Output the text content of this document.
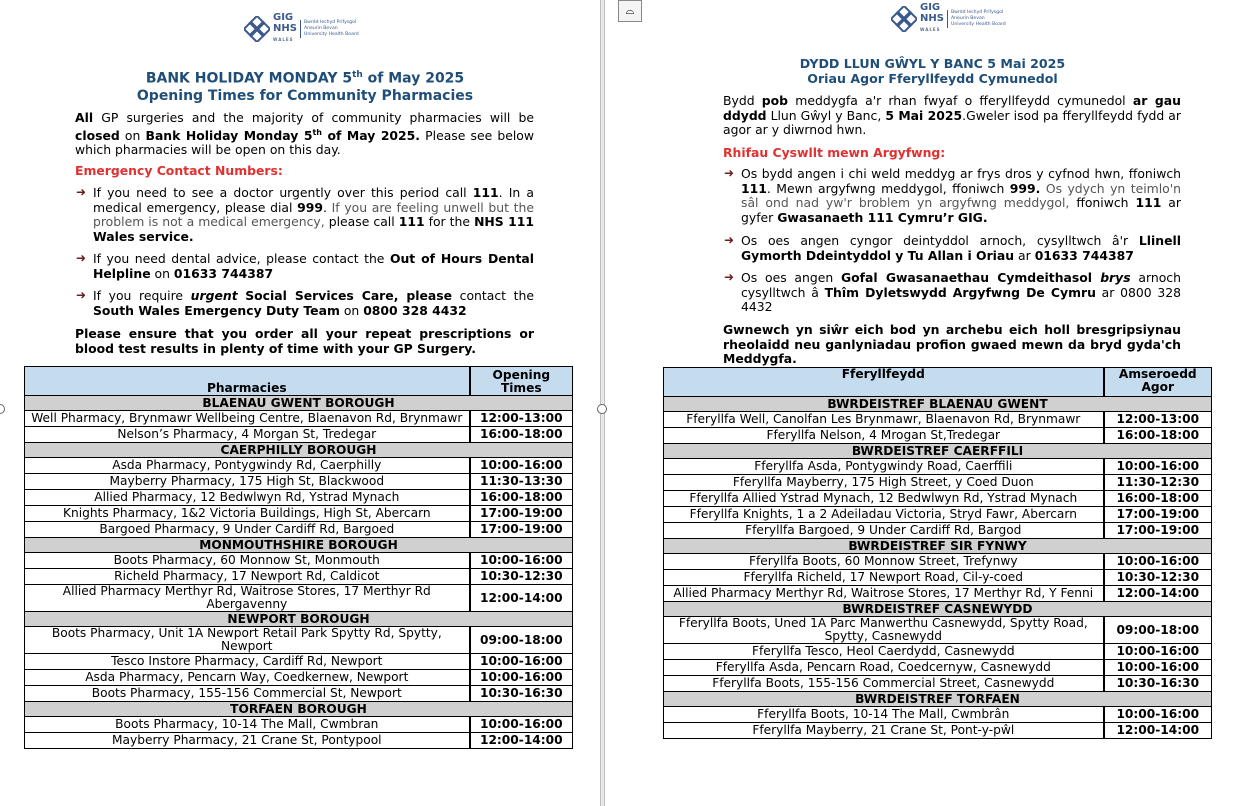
GIG
NHS
WALES
Bwrdd Iechyd Prifysgol
Aneurin Bevan
University Health Board
BANK HOLIDAY MONDAY 5th of May 2025
Opening Times for Community Pharmacies
All GP surgeries and the majority of community pharmacies will be closed on Bank Holiday Monday 5th of May 2025. Please see below which pharmacies will be open on this day.
Emergency Contact Numbers:
➜ If you need to see a doctor urgently over this period call 111. In a medical emergency, please dial 999. If you are feeling unwell but the problem is not a medical emergency, please call 111 for the NHS 111 Wales service.
➜ If you need dental advice, please contact the Out of Hours Dental Helpline on 01633 744387
➜ If you require urgent Social Services Care, please contact the South Wales Emergency Duty Team on 0800 328 4432
Please ensure that you order all your repeat prescriptions or blood test results in plenty of time with your GP Surgery.
Pharmacies	Opening Times
BLAENAU GWENT BOROUGH	
Well Pharmacy, Brynmawr Wellbeing Centre, Blaenavon Rd, Brynmawr	12:00-13:00
Nelson’s Pharmacy, 4 Morgan St, Tredegar	16:00-18:00
CAERPHILLY BOROUGH	
Asda Pharmacy, Pontygwindy Rd, Caerphilly	10:00-16:00
Mayberry Pharmacy, 175 High St, Blackwood	11:30-13:30
Allied Pharmacy, 12 Bedwlwyn Rd, Ystrad Mynach	16:00-18:00
Knights Pharmacy, 1&2 Victoria Buildings, High St, Abercarn	17:00-19:00
Bargoed Pharmacy, 9 Under Cardiff Rd, Bargoed	17:00-19:00
MONMOUTHSHIRE BOROUGH	
Boots Pharmacy, 60 Monnow St, Monmouth	10:00-16:00
Richeld Pharmacy, 17 Newport Rd, Caldicot	10:30-12:30
Allied Pharmacy Merthyr Rd, Waitrose Stores, 17 Merthyr Rd Abergavenny	12:00-14:00
NEWPORT BOROUGH	
Boots Pharmacy, Unit 1A Newport Retail Park Spytty Rd, Spytty, Newport	09:00-18:00
Tesco Instore Pharmacy, Cardiff Rd, Newport	10:00-16:00
Asda Pharmacy, Pencarn Way, Coedkernew, Newport	10:00-16:00
Boots Pharmacy, 155-156 Commercial St, Newport	10:30-16:30
TORFAEN BOROUGH	
Boots Pharmacy, 10-14 The Mall, Cwmbran	10:00-16:00
Mayberry Pharmacy, 21 Crane St, Pontypool	12:00-14:00
GIG
NHS
WALES
Bwrdd Iechyd Prifysgol
Aneurin Bevan
University Health Board
DYDD LLUN GŴYL Y BANC 5 Mai 2025
Oriau Agor Fferyllfeydd Cymunedol
Bydd pob meddygfa a'r rhan fwyaf o fferyllfeydd cymunedol ar gau ddydd Llun Gŵyl y Banc, 5 Mai 2025.Gweler isod pa fferyllfeydd fydd ar agor ar y diwrnod hwn.
Rhifau Cyswllt mewn Argyfwng:
➜ Os bydd angen i chi weld meddyg ar frys dros y cyfnod hwn, ffoniwch 111. Mewn argyfwng meddygol, ffoniwch 999. Os ydych yn teimlo'n sâl ond nad yw'r broblem yn argyfwng meddygol, ffoniwch 111 ar gyfer Gwasanaeth 111 Cymru’r GIG.
➜ Os oes angen cyngor deintyddol arnoch, cysylltwch â'r Llinell Gymorth Ddeintyddol y Tu Allan i Oriau ar 01633 744387
➜ Os oes angen Gofal Gwasanaethau Cymdeithasol brys arnoch cysylltwch â Thîm Dyletswydd Argyfwng De Cymru ar 0800 328 4432
Gwnewch yn siŵr eich bod yn archebu eich holl bresgripsiynau rheolaidd neu ganlyniadau profion gwaed mewn da bryd gyda'ch Meddygfa.
Fferyllfeydd	Amseroedd Agor
BWRDEISTREF BLAENAU GWENT	
Fferyllfa Well, Canolfan Les Brynmawr, Blaenavon Rd, Brynmawr	12:00-13:00
Fferyllfa Nelson, 4 Mrogan St,Tredegar	16:00-18:00
BWRDEISTREF CAERFFILI	
Fferyllfa Asda, Pontygwindy Road, Caerffili	10:00-16:00
Fferyllfa Mayberry, 175 High Street, y Coed Duon	11:30-12:30
Fferyllfa Allied Ystrad Mynach, 12 Bedwlwyn Rd, Ystrad Mynach	16:00-18:00
Fferyllfa Knights, 1 a 2 Adeiladau Victoria, Stryd Fawr, Abercarn	17:00-19:00
Fferyllfa Bargoed, 9 Under Cardiff Rd, Bargod	17:00-19:00
BWRDEISTREF SIR FYNWY	
Fferyllfa Boots, 60 Monnow Street, Trefynwy	10:00-16:00
Fferyllfa Richeld, 17 Newport Road, Cil-y-coed	10:30-12:30
Allied Pharmacy Merthyr Rd, Waitrose Stores, 17 Merthyr Rd, Y Fenni	12:00-14:00
BWRDEISTREF CASNEWYDD	
Fferyllfa Boots, Uned 1A Parc Manwerthu Casnewydd, Spytty Road, Spytty, Casnewydd	09:00-18:00
Fferyllfa Tesco, Heol Caerdydd, Casnewydd	10:00-16:00
Fferyllfa Asda, Pencarn Road, Coedcernyw, Casnewydd	10:00-16:00
Fferyllfa Boots, 155-156 Commercial Street, Casnewydd	10:30-16:30
BWRDEISTREF TORFAEN	
Fferyllfa Boots, 10-14 The Mall, Cwmbrân	10:00-16:00
Fferyllfa Mayberry, 21 Crane St, Pont-y-pŵl	12:00-14:00
⌓
